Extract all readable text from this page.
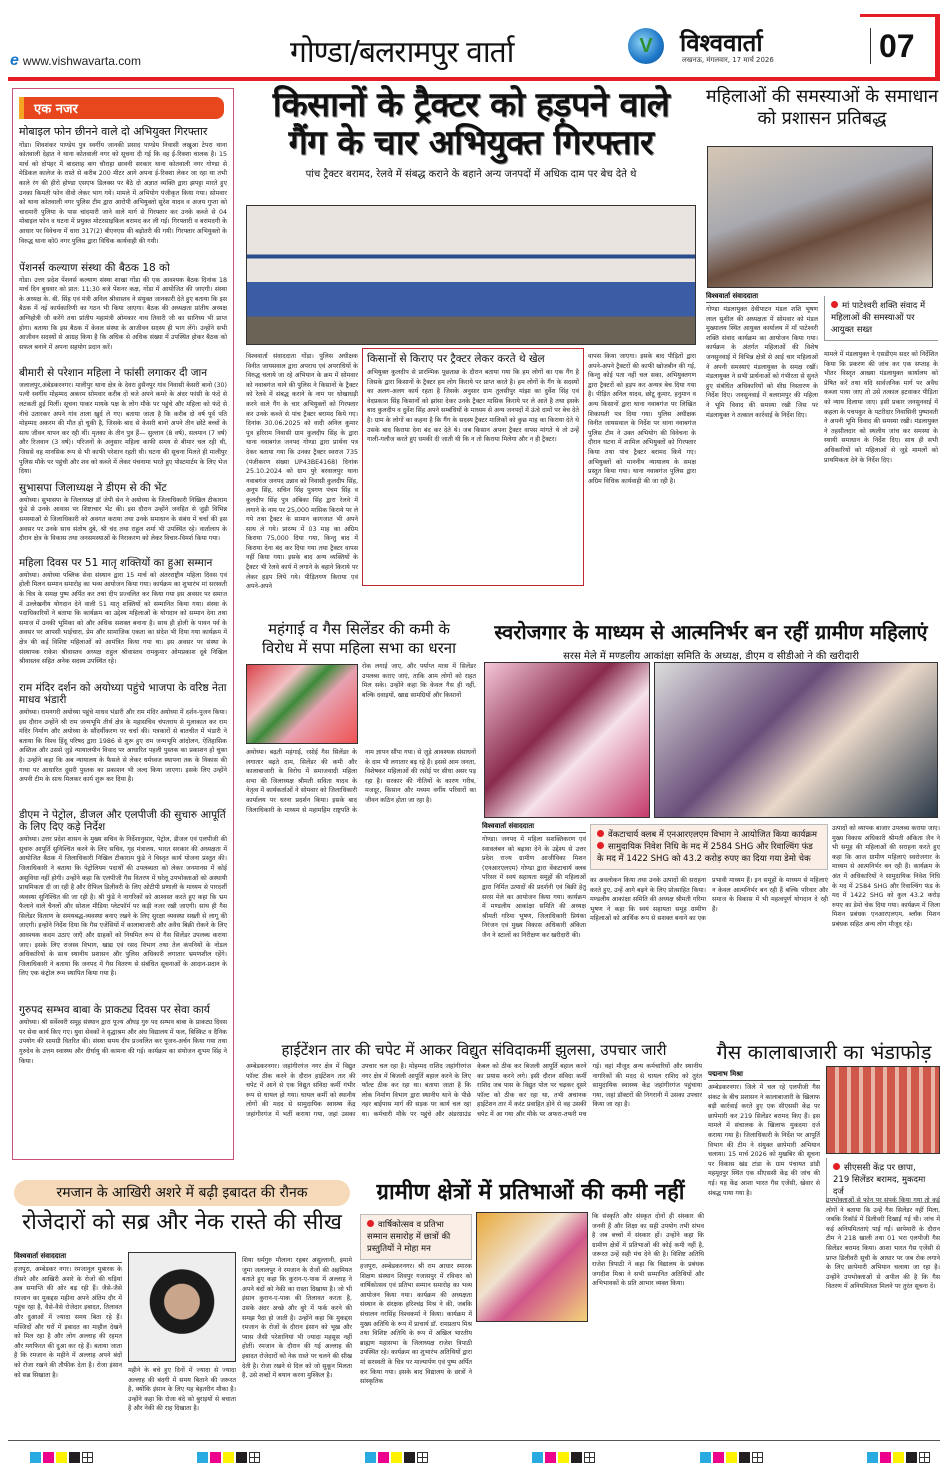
e www.vishwavarta.com	गोण्डा/बलरामपुर वार्ता	V	विश्ववार्ता
लखनऊ, मंगलवार, 17 मार्च 2026	07
एक नजर
मोबाइल फोन छीनने वाले दो अभियुक्त गिरफ्तार
गोंडा। शिवशंकर पाण्डेय पुत्र स्वर्गीय जानकी प्रसाद पाण्डेय निवासी लखुआ टेपरा थाना कोतवाली देहात ने थाना कोतवाली नगर को सूचना दी गई कि वह ई-रिक्शा चालक है। 15 मार्च को दोपहर में बादशाह बाग चौराहा छावनी सरकार थाना कोतवाली नगर गोण्डा से मेडिकल कालेज के रास्ते से करीब 200 मीटर आगे अपना ई-रिक्शा लेकर जा रहा था तभी काले रंग की हीरो होण्डा एसएफ डिलक्स पर बैठे दो अज्ञात व्यक्ति द्वारा झपट्टा मारते हुए उनका किमती फोन वीवो लेकर भाग गये। मामले में अभियोग पंजीकृत किया गया। सोमवार को थाना कोतवाली नगर पुलिस टीम द्वारा आरोपी अभियुक्तो सुरेश यादव व अजय गुप्ता को चादमारी पुलिया के पास चांदमारी जाने वाले मार्ग से गिरफ्तार कर उनके कब्जे से 04 मोबाइल फोन व घटना में प्रयुक्त मोटरसाइकिल बरामद कर ली गई। गिरफ्तारी व बरामदगी के आधार पर विवेचना में धारा 317(2) बीएनएस की बढ़ोतरी की गयी। गिरफ्तार अभियुक्तो के विरुद्ध थाना को0 नगर पुलिस द्वारा विधिक कार्यवाही की गयी।
पेंशनर्स कल्याण संस्था की बैठक 18 को
गोंडा। उत्तर प्रदेश पेंशनर्स कल्याण संस्था शाखा गोंडा की एक आवश्यक बैठक दिनांक 18 मार्च दिन बुधवार को प्रात: 11:30 बजे पेंशनर कक्ष, गोंडा में आयोजित की जाएगी। संस्था के अध्यक्ष के. बी. सिंह एवं मंत्री अनिल श्रीवास्तव ने संयुक्त जानकारी देते हुए बताया कि इस बैठक में नई कार्यकारिणी का गठन भी किया जाएगा। बैठक की अध्यक्षता प्रांतीय अध्यक्ष अग्निहोत्री जी करेंगे तथा प्रांतीय महामंत्री ओमकार नाथ तिवारी जी का सानिध्य भी प्राप्त होगा। बताया कि इस बैठक में केवल संस्था के आजीवन सदस्य ही भाग लेंगे। उन्होंने सभी आजीवन सदस्यों से आग्रह किया है कि अधिक से अधिक संख्या में उपस्थित होकर बैठक को सफल बनाने में अपना सहयोग प्रदान करें।
बीमारी से परेशान महिला ने फांसी लगाकर दी जान
जलालपुर,अंबेडकरनगर। मालीपुर थाना क्षेत्र के देवरा हुसैनपुर गांव निवासी केसरी बानो (30) पत्नी स्वर्गीय मोहम्मद अकरम सोमवार करीब दो बजे अपने कमरे के अंदर फांसी के फंदे से लटकती हुई मिलीं। सूचना पाकर मायके पक्ष के लोग मौके पर पहुंचे और महिला को फंदे से नीचे उतारकर अपने गांव ताला खुर्द ले गए। बताया जाता है कि करीब दो वर्ष पूर्व पति मोहम्मद अकरम की मौत हो चुकी है, जिसके बाद से केसरी बानो अपने तीन छोटे बच्चों के साथ जीवन यापन कर रही थीं। मृतका के तीन पुत्र हैं— सुल्तान (8 वर्ष), सलमान (7 वर्ष) और रिजवान (3 वर्ष)। परिजनों के अनुसार महिला काफी समय से बीमार चल रही थी, जिससे वह मानसिक रूप से भी काफी परेशान रहती थी। घटना की सूचना मिलते ही मालीपुर पुलिस मौके पर पहुंची और शव को कब्जे में लेकर पंचनामा भरते हुए पोस्टमार्टम के लिए भेज दिया।
सुभासपा जिलाध्यक्ष ने डीएम से की भेंट
अयोध्या। सुभासपा के जिलाध्यक्ष डॉ जेपी सेन ने अयोध्या के जिलाधिकारी निखिल टीकाराम फुंडे से उनके आवास पर शिष्टाचार भेंट की। इस दौरान उन्होंने जनहित से जुड़ी विभिन्न समस्याओं से जिलाधिकारी को अवगत कराया तथा उनके समाधान के संबंध में चर्चा की इस अवसर पर उनके साथ संतोष दुबे, श्री चंद तथा राहुल शर्मा भी उपस्थित रहे। वार्तालाप के दौरान क्षेत्र के विकास तथा जनसमस्याओं के निराकरण को लेकर विचार-विमर्श किया गया।
महिला दिवस पर 51 मातृ शक्तियों का हुआ सम्मान
अयोध्या। अयोध्या पब्लिक सेवा संस्थान द्वारा 15 मार्च को अंतरराष्ट्रीय महिला दिवस एवं होली मिलन सम्मान समारोह का भव्य आयोजन किया गया। कार्यक्रम का शुभारंभ मां सरस्वती के चित्र के समक्ष पुष्प अर्पित कर तथा दीप प्रज्वलित कर किया गया इस अवसर पर समाज में उल्लेखनीय योगदान देने वाली 51 मातृ शक्तियों को सम्मानित किया गया। संस्था के पदाधिकारियों ने बताया कि कार्यक्रम का उद्देश्य महिलाओं के योगदान को सम्मान देना तथा समाज में उनकी भूमिका को और अधिक सशक्त बनाना है। साथ ही होली के पावन पर्व के अवसर पर आपसी भाईचारा, प्रेम और सामाजिक एकता का संदेश भी दिया गया कार्यक्रम में क्षेत्र की कई विशिष्ट महिलाओं को आमंत्रित किया गया था। इस अवसर पर संस्था के संस्थापक राकेश श्रीवास्तव अध्यक्ष राहुल श्रीवास्तव रामकुमार ओमप्रकाश दूबे निखिल श्रीवास्तव सहित अनेक सदस्य उपस्थित रहे।
राम मंदिर दर्शन को अयोध्या पहुंचे भाजपा के वरिष्ठ नेता माधव भंडारी
अयोध्या। रामनगरी अयोध्या पहुंचे माधव भंडारी और राम मंदिर अयोध्या में दर्शन-पूजन किया। इस दौरान उन्होंने श्री राम जन्मभूमि तीर्थ क्षेत्र के महासचिव चंपतराय से मुलाकात कर राम मंदिर निर्माण और अयोध्या के सौंदर्यीकरण पर चर्चा की। पत्रकारों से बातचीत में भंडारी ने बताया कि विश्व हिंदू परिषद द्वारा 1986 से शुरू हुए राम जन्मभूमि आंदोलन, ऐतिहासिक अस्तित्व और उससे जुड़े न्यायालयीन विवाद पर आधारित पहली पुस्तक का प्रकाशन हो चुका है। उन्होंने कहा कि अब न्यायालय के फैसले से लेकर धर्मध्वज स्थापना तक के विकास की गाथा पर आधारित दूसरी पुस्तक का प्रकाशन भी जल्द किया जाएगा। इसके लिए उन्होंने अपनी टीम के साथ मिलकर कार्य शुरू कर दिया है।
डीएम ने पेट्रोल, डीजल और एलपीजी की सुचारु आपूर्ति के लिए दिए कड़े निर्देश
अयोध्या। उत्तर प्रदेश शासन के मुख्य सचिव के निर्देशानुसार, पेट्रोल, डीजल एवं एलपीजी की सुचारु आपूर्ति सुनिश्चित करने के लिए सचिव, गृह मंत्रालय, भारत सरकार की अध्यक्षता में आयोजित बैठक में जिलाधिकारी निखिल टीकाराम फुंडे ने विस्तृत कार्य योजना प्रस्तुत की। जिलाधिकारी ने बताया कि पेट्रोलियम पदार्थों की उपलब्धता को लेकर जनमानस में कोई असुविधा नहीं होगी। उन्होंने कहा कि एलपीजी गैस वितरण में घरेलू उपभोक्ताओं को अस्थायी प्राथमिकता दी जा रही है और रीफिल डिलीवरी के लिए ओटीपी प्रणाली के माध्यम से पारदर्शी व्यवस्था सुनिश्चित की जा रही है। श्री फुंडे ने नागरिकों को आश्वस्त करते हुए कहा कि भ्रम फैलाने वाले चैनलों और सोशल मीडिया प्लेटफॉर्म पर कड़ी नजर रखी जाएगी। साथ ही गैस सिलेंडर वितरण के समयबद्ध-व्यवस्था बनाए रखने के लिए सुरक्षा व्यवस्था सख्ती से लागू की जाएगी। इन्होंने निर्देश दिया कि गैस एजेंसियों में कालाबाजारी और अवैध बिक्री रोकने के लिए आवश्यक कदम उठाए जाएँ और ग्राहकों को नियमित रूप से गैस सिलेंडर उपलब्ध कराया जाए। इसके लिए राजस्व विभाग, खाद्य एवं रसद विभाग तथा तेल कंपनियों के नोडल अधिकारियों के साथ स्थानीय प्रशासन और पुलिस अधिकारी लगातार भ्रमणशील रहेंगे। जिलाधिकारी ने बताया कि जनपद में गैस वितरण से संबंधित सूचनाओं के आदान-प्रदान के लिए एक कंट्रोल रूम स्थापित किया गया है।
गुरुपद सम्भव बाबा के प्राकट्य दिवस पर सेवा कार्य
अयोध्या। श्री सर्वेश्वरी समूह संस्थान द्वारा पूज्य औघड़ गुरु पद सम्भव बाबा के प्राकट्य दिवस पर सेवा कार्य किए गए। युवा सेवकों ने वृद्धाश्रम और अंध विद्यालय में फल, बिस्किट व दैनिक उपयोग की सामग्री वितरित की। संस्था समय दीप प्रज्वलित कर पूजन-अर्चन किया गया तथा गुरुदेव के उत्तम स्वास्थ्य और दीर्घायु की कामना की गई। कार्यक्रम का संयोजन शुभम सिंह ने किया।
किसानों के ट्रैक्टर को हड़पने वाले
गैंग के चार अभियुक्त गिरफ्तार
पांच ट्रैक्टर बरामद, रेलवे में संबद्ध कराने के बहाने अन्य जनपदों में अधिक दाम पर बेच देते थे
विश्ववार्ता संवाददाता गोंडा। पुलिस अधीक्षक विनीत जायसवाल द्वारा अपराध एवं अपराधियों के विरुद्ध चलाये जा रहे अभियान के क्रम में सोमवार को नवाबगंज थाने की पुलिस ने किसानों के ट्रैक्टर को रेलवे में संबद्ध कराने के नाम पर धोखाधड़ी करने वाले गैंग के चार अभियुक्तों को गिरफ्तार कर उनके कब्जे से पांच ट्रैक्टर बरामद किये गए। दिनांक 30.06.2025 को वादी अनिल कुमार पुत्र हरिराम निवासी ग्राम कुलदीप सिंह के द्वारा थाना नवाबगंज जनपद गोण्डा द्वारा प्रार्थना पत्र देकर बताया गया कि उनका ट्रैक्टर स्वराज 735 (पंजीकरण संख्या UP43BE4168) दिनांक 25.10.2024 को ग्राम पुरे बरवालपुर थाना नवाबगंज जनपद उन्नाव को निवासी कुलदीप सिंह, अनूप सिंह, सचिन सिंह पुत्रगण पंचम सिंह व कुलदीप सिंह पुत्र अंबिका सिंह द्वारा रेलवे में लगाने के नाम पर 25,000 मासिक किराये पर ले गये तथा ट्रैक्टर के सामान कागजात भी अपने साथ ले गये। प्रारम्भ में 03 माह का अग्रिम किराया 75,000 दिया गया, किन्तु बाद में किराया देना बंद कर दिया गया तथा ट्रैक्टर वापस नहीं किया गया। इसके बाद अन्य व्यक्तियों के ट्रैक्टर भी रेलवे कार्य में लगाने के बहाने किराये पर लेकर हड़प लिये गये। पीड़ितगण किराया एवं अपने-अपने
किसानों से किराए पर ट्रैक्टर लेकर करते थे खेल
अभियुक्त कुलदीप से प्रारम्भिक पूछताछ के दौरान बताया गया कि हम लोगों का एक गैंग है जिसके द्वारा किसानों के ट्रैक्टर हम लोग किराये पर प्राप्त करते है। हम लोगों के गैंग के सदस्यों का अलग-अलग कार्य रहता है जिसके अनुसार ग्राम तुलसीपुर मांझा का दुर्वेश सिंह एवं वेदप्रकाश सिंह किसानों को झांसा देकर उनके ट्रैक्टर मासिक किराये पर ले आते है तथा इसके बाद कुलदीप व दुर्वेश सिंह अपने सम्बंधियों के माध्यम से अन्य जनपदों में ऊंचे दामों पर बेच देते है। ग्राम के लोगों का कहना है कि गैंग के सदस्य ट्रैक्टर मालिकों को कुछ माह का किराया देते थे उसके बाद किराया देना बंद कर देते थे। जब किसान अपना ट्रैक्टर वापस मांगते थे तो उन्हें गाली-गलौज करते हुए धमकी दी जाती थी कि न तो किराया मिलेगा और न ही ट्रैक्टर।
वापस किया जाएगा। इसके बाद पीड़ितों द्वारा अपने-अपने ट्रैक्टरों की काफी खोजबीन की गई, किन्तु कोई पता नहीं चल सका, अभियुक्तगण द्वारा ट्रैक्टरों को हड़प कर अन्यत्र बेच दिया गया है। पीड़ित अनिल यादव, छोटू कुमार, हनुमान व अन्य किसानों द्वारा थाना नवाबगंज पर लिखित शिकायती पत्र दिया गया। पुलिस अधीक्षक विनीत जायसवाल के निर्देश पर थाना नवाबगंज पुलिस टीम ने उक्त अभियोग की विवेचना के दौरान घटना में शामिल अभियुक्तों को गिरफ्तार किया तथा पांच ट्रैक्टर बरामद किये गए। अभियुक्तों को माननीय न्यायालय के समक्ष प्रस्तुत किया गया। थाना नवाबगंज पुलिस द्वारा अग्रिम विधिक कार्यवाही की जा रही है।
महिलाओं की समस्याओं के समाधान को प्रशासन प्रतिबद्ध
विश्ववार्ता संवाददाता
गोण्डा मंडलायुक्त देवीपाटन मंडल शशि भूषण लाल सुशील की अध्यक्षता में सोमवार को मंडल मुख्यालय स्थित आयुक्त कार्यालय में मॉं पाटेश्वरी शक्ति संवाद कार्यक्रम का आयोजन किया गया। कार्यक्रम के अंतर्गत महिलाओं की विशेष जनसुनवाई में विभिन्न क्षेत्रों से आई चार महिलाओं ने अपनी समस्याएं मंडलायुक्त के समक्ष रखीं। मंडलायुक्त ने सभी प्रार्थनाओं को गंभीरता से सुनते हुए संबंधित अधिकारियों को शीघ्र निस्तारण के निर्देश दिए। जनसुनवाई में बलरामपुर की महिला ने भूमि विवाद की समस्या रखी जिस पर मंडलायुक्त ने तत्काल कार्रवाई के निर्देश दिए।
मां पाटेश्वरी शक्ति संवाद में महिलाओं की समस्याओं पर आयुक्त सख्त
मामले में मंडलायुक्त ने एसडीएम सदर को निर्देशित किया कि प्रकरण की जांच कर एक सप्ताह के भीतर विस्तृत आख्या मंडलायुक्त कार्यालय को प्रेषित करें तथा यदि सार्वजनिक मार्ग पर अवैध कब्जा पाया जाए तो उसे तत्काल हटवाकर पीड़िता को न्याय दिलाया जाए। इसी प्रकार जनसुनवाई में कहला के पचपकुर के पटरीदार निवासिनी पुष्पावती ने अपनी भूमि विवाद की समस्या रखी। मंडलायुक्त ने तहसीलदार को स्थलीय जांच कर समस्या के स्थायी समाधान के निर्देश दिए। साथ ही सभी अधिकारियों को महिलाओं से जुड़े मामलों को प्राथमिकता देने के निर्देश दिए।
महंगाई व गैस सिलेंडर की कमी के
विरोध में सपा महिला सभा का धरना
रोक लगाई जाए, और पर्याप्त मात्रा में सिलेंडर उपलब्ध कराए जाएं, ताकि आम लोगों को राहत मिल सके। उन्होंने कहा कि केवल गैस ही नहीं, बल्कि दवाइयों, खाद्य सामग्रियों और किसानों
अयोध्या। बढ़ती महंगाई, रसोई गैस सिलेंडर के लगातार बढ़ते दाम, सिलेंडर की कमी और कालाबाजारी के विरोध में समाजवादी महिला सभा की जिलाध्यक्ष श्रीमती सविता यादव के नेतृत्व में कार्यकर्ताओं ने सोमवार को जिलाधिकारी कार्यालय पर धरना प्रदर्शन किया। इसके बाद जिलाधिकारी के माध्यम से महामहिम राष्ट्रपति के नाम ज्ञापन सौंपा गया। से जुड़े आवश्यक संसाधनों के दाम भी लगातार बढ़ रहे हैं। इससे आम जनता, विशेषकर महिलाओं की रसोई पर सीधा असर पड़ रहा है। सरकार की नीतियों के कारण गरीब, मजदूर, किसान और मध्यम वर्गीय परिवारों का जीवन कठिन होता जा रहा है।
स्वरोजगार के माध्यम से आत्मनिर्भर बन रहीं ग्रामीण महिलाएं
सरस मेले में मण्डलीय आकांक्षा समिति के अध्यक्ष, डीएम व सीडीओ ने की खरीदारी
विश्ववार्ता संवाददाता
गोण्डा। जनपद में महिला सशक्तिकरण एवं स्वावलंबन को बढ़ावा देने के उद्देश्य से उत्तर प्रदेश राज्य ग्रामीण आजीविका मिशन (एनआरएलएम) गोण्डा द्वारा वेंकटाचार्य क्लब परिसर में स्वयं सहायता समूहों की महिलाओं द्वारा निर्मित उत्पादों की प्रदर्शनी एवं बिक्री हेतु सरस मेले का आयोजन किया गया। कार्यक्रम में मण्डलीय आकांक्षा समिति की अध्यक्ष श्रीमती गरिमा भूषण, जिलाधिकारी प्रियंका निरंजन एवं मुख्य विकास अधिकारी अंकिता जैन ने स्टालों का निरीक्षण कर खरीदारी की।
वेंकटाचार्य क्लब में एनआरएलएम विभाग ने आयोजित किया कार्यक्रम
सामुदायिक निवेश निधि के मद में 2584 SHG और रिवाल्विंग फंड के मद में 1422 SHG को 43.2 करोड़ रुपए का दिया गया डेमो चेक
का अवलोकन किया तथा उनके उत्पादों की सराहना करते हुए, उन्हें आगे बढ़ने के लिए प्रोत्साहित किया। मण्डलीय आकांक्षा समिति की अध्यक्ष श्रीमती गरिमा भूषण ने कहा कि स्वयं सहायता समूह ग्रामीण महिलाओं को आर्थिक रूप से सशक्त बनाने का एक प्रभावी माध्यम हैं। इन समूहों के माध्यम से महिलाएं न केवल आत्मनिर्भर बन रही हैं बल्कि परिवार और समाज के विकास में भी महत्वपूर्ण योगदान दे रही हैं।
उत्पादों को व्यापक बाजार उपलब्ध कराया जाए। मुख्य विकास अधिकारी श्रीमती अंकिता जैन ने भी समूह की महिलाओं की सराहना करते हुए कहा कि आज ग्रामीण महिलाएं स्वरोजगार के माध्यम से आत्मनिर्भर बन रही हैं। कार्यक्रम के अंत में अधिकारियों ने सामुदायिक निवेश निधि के मद में 2584 SHG और रिवाल्विंग फंड के मद में 1422 SHG को कुल 43.2 करोड़ रुपए का डेमो चेक दिया गया। कार्यक्रम में जिला मिशन प्रबंधक एनआरएलएम, ब्लॉक मिशन प्रबंधक सहित अन्य लोग मौजूद रहे।
हाईटेंशन तार की चपेट में आकर विद्युत संविदाकर्मी झुलसा, उपचार जारी
अम्बेडकरनगर। जहांगीरगंज नगर क्षेत्र में विद्युत फॉल्ट ठीक करने के दौरान हाईटेंशन तार की चपेट में आने से एक विद्युत संविदा कर्मी गंभीर रूप से घायल हो गया। घायल कर्मी को स्थानीय लोगों की मदद से सामुदायिक स्वास्थ्य केंद्र जहांगीरगंज में भर्ती कराया गया, जहां उसका उपचार चल रहा है। मोहम्मद राशिद जहांगीरगंज नगर क्षेत्र में बिजली आपूर्ति बहाल करने के लिए फॉल्ट ठीक कर रहा था। बताया जाता है कि लोक निर्माण विभाग द्वारा स्थानीय थाने के पीछे नहर बाईपास मार्ग की सड़क पर कार्य चल रहा था। कर्मचारी मौके पर पहुंचे और अंडरग्राउंड केबल को ठीक कर बिजली आपूर्ति बहाल करने का प्रयास करने लगे। इसी दौरान संविदा कर्मी राशिद जब पास के विद्युत पोल पर चढ़कर दूसरे फॉल्ट को ठीक कर रहा था, तभी अचानक हाईटेंशन तार में करंट प्रवाहित होने से वह उसकी चपेट में आ गया और मौके पर अफरा-तफरी मच गई। वहां मौजूद अन्य कर्मचारियों और स्थानीय नागरिकों की मदद से घायल राशिद को तुरंत सामुदायिक स्वास्थ्य केंद्र जहांगीरगंज पहुंचाया गया, जहां डॉक्टरों की निगरानी में उसका उपचार किया जा रहा है।
गैस कालाबाजारी का भंडाफोड़
पद्मनाभ मिश्रा
अम्बेडकरनगर। जिले में चल रहे एलपीजी गैस संकट के बीच प्रशासन ने कालाबाजारी के खिलाफ बड़ी कार्रवाई करते हुए एक सीएससी केंद्र पर छापेमारी कर 219 सिलेंडर बरामद किए हैं। इस मामले में संचालक के खिलाफ मुकदमा दर्ज कराया गया है। जिलाधिकारी के निर्देश पर आपूर्ति विभाग की टीम ने संयुक्त छापेमारी अभियान चलाया। 15 मार्च 2026 को मुखबिर की सूचना पर विकास खंड टांडा के ग्राम पंचायत डांडी महमूदपुर स्थित एक सीएससी केंद्र की जांच की गई। यह केंद्र आशा भारत गैस एजेंसी, खेवार से संबद्ध पाया गया है।
सीएससी केंद्र पर छापा, 219 सिलेंडर बरामद, मुकदमा दर्ज
उपभोक्ताओं से फोन पर संपर्क किया गया तो कई लोगों ने बताया कि उन्हें गैस सिलेंडर नहीं मिला, जबकि रिकॉर्ड में डिलीवरी दिखाई गई थी। जांच में कई अनियमितताएं पाई गईं। छापेमारी के दौरान टीम ने 218 खाली तथा 01 भरा एलपीजी गैस सिलेंडर बरामद किया। आशा भारत गैस एजेंसी से प्राप्त डिलीवरी सूची के आधार पर जब रोक लगाने के लिए छापेमारी अभियान चलाया जा रहा है। उन्होंने उपभोक्ताओं से अपील की है कि गैस वितरण में अनियमितता मिलने पर तुरंत सूचना दें।
रमजान के आखिरी अशरे में बढ़ी इबादत की रौनक
रोजेदारों को सब्र और नेक रास्ते की सीख
विश्ववार्ता संवाददाता
हजपुरा, अम्बेडकर नगर। रमजानुल मुबारक के तीसरे और आखिरी अशरे के रोजों की घड़ियां अब समाप्ति की ओर बढ़ रही हैं। जैसे-जैसे रमजान का मुकद्दस महीना अपने अंतिम दौर में पहुंच रहा है, वैसे-वैसे रोजेदार इबादत, तिलावत और दुआओं में ज्यादा समय बिता रहे हैं। मस्जिदों और घरों में इबादत का माहौल देखने को मिल रहा है और लोग अल्लाह की रहमत और मगफिरत की दुआ कर रहे हैं। बताया जाता है कि रमजान के महीने में अल्लाह अपने बंदों को रोजा रखने की तौफीक देता है। रोजा इंसान को सब्र सिखाता है।
महीने के बचे हुए दिनों में ज्यादा से ज्यादा अल्लाह की बंदगी में समय बिताने की जरूरत है, क्योंकि इंसान के लिए यह बेहतरीन मौका है। उन्होंने कहा कि रोजा बंदे को बुराइयों से बचाता है और नेकी की राह दिखाता है।
शिया धर्मगुरु मौलाना रहबर असुल्तानी, इमामे जुमा जलालपुर ने रमजान के रोजों की अहमियत बताते हुए कहा कि कुरान-ए-पाक में अल्लाह ने अपने बंदों को नेकी का रास्ता दिखाया है। जो भी इंसान कुरान-ए-पाक की तिलावत करता है, उसके अंदर अच्छे और बुरे में फर्क करने की समझ पैदा हो जाती है। उन्होंने कहा कि मुकद्दस रमजान के रोजों के दौरान इंसान को भूख और प्यास जैसी परेशानियां भी ज्यादा महसूस नहीं होतीं। रमजान के दौरान की गई अल्लाह की इबादत रोजेदारों को नेक रास्ते पर चलने की सीख देती है। रोजा रखने से दिल को जो सुकून मिलता है, उसे शब्दों में बयान करना मुश्किल है।
ग्रामीण क्षेत्रों में प्रतिभाओं की कमी नहीं
वार्षिकोत्सव व प्रतिभा सम्मान समारोह में छात्रों की प्रस्तुतियों ने मोहा मन
हजपुरा, अम्बेडकरनगर। श्री राम आधार स्मारक शिक्षण संस्थान शिवपुर गजासपुर में रविवार को वार्षिकोत्सव एवं प्रतिभा सम्मान समारोह का भव्य आयोजन किया गया। कार्यक्रम की अध्यक्षता संस्थान के संरक्षक हरिश्चंद्र मिश्र ने की, जबकि संचालन नरसिंह विश्वकर्मा ने किया। कार्यक्रम में मुख्य अतिथि के रूप में प्राचार्य डॉ. रामप्रताप मिश्र तथा विशिष्ट अतिथि के रूप में अखिल भारतीय ब्राह्मण महासभा के जिलाध्यक्ष राजेश त्रिपाठी उपस्थित रहे। कार्यक्रम का शुभारंभ अतिथियों द्वारा मां सरस्वती के चित्र पर माल्यार्पण एवं पुष्प अर्पित कर किया गया। इसके बाद विद्यालय के छात्रों ने सांस्कृतिक
कि संस्कृति और संस्कृत दोनों ही संस्कार की जननी हैं और शिक्षा का सही उपयोग तभी संभव है जब बच्चों में संस्कार हों। उन्होंने कहा कि ग्रामीण क्षेत्रों में प्रतिभाओं की कोई कमी नहीं है, जरूरत उन्हें सही मंच देने की है। विशिष्ट अतिथि राजेश त्रिपाठी ने कहा कि विद्यालय के प्रबंधक जगदीश मिश्रा ने सभी सम्मानित अतिथियों और अभिभावकों के प्रति आभार व्यक्त किया।
